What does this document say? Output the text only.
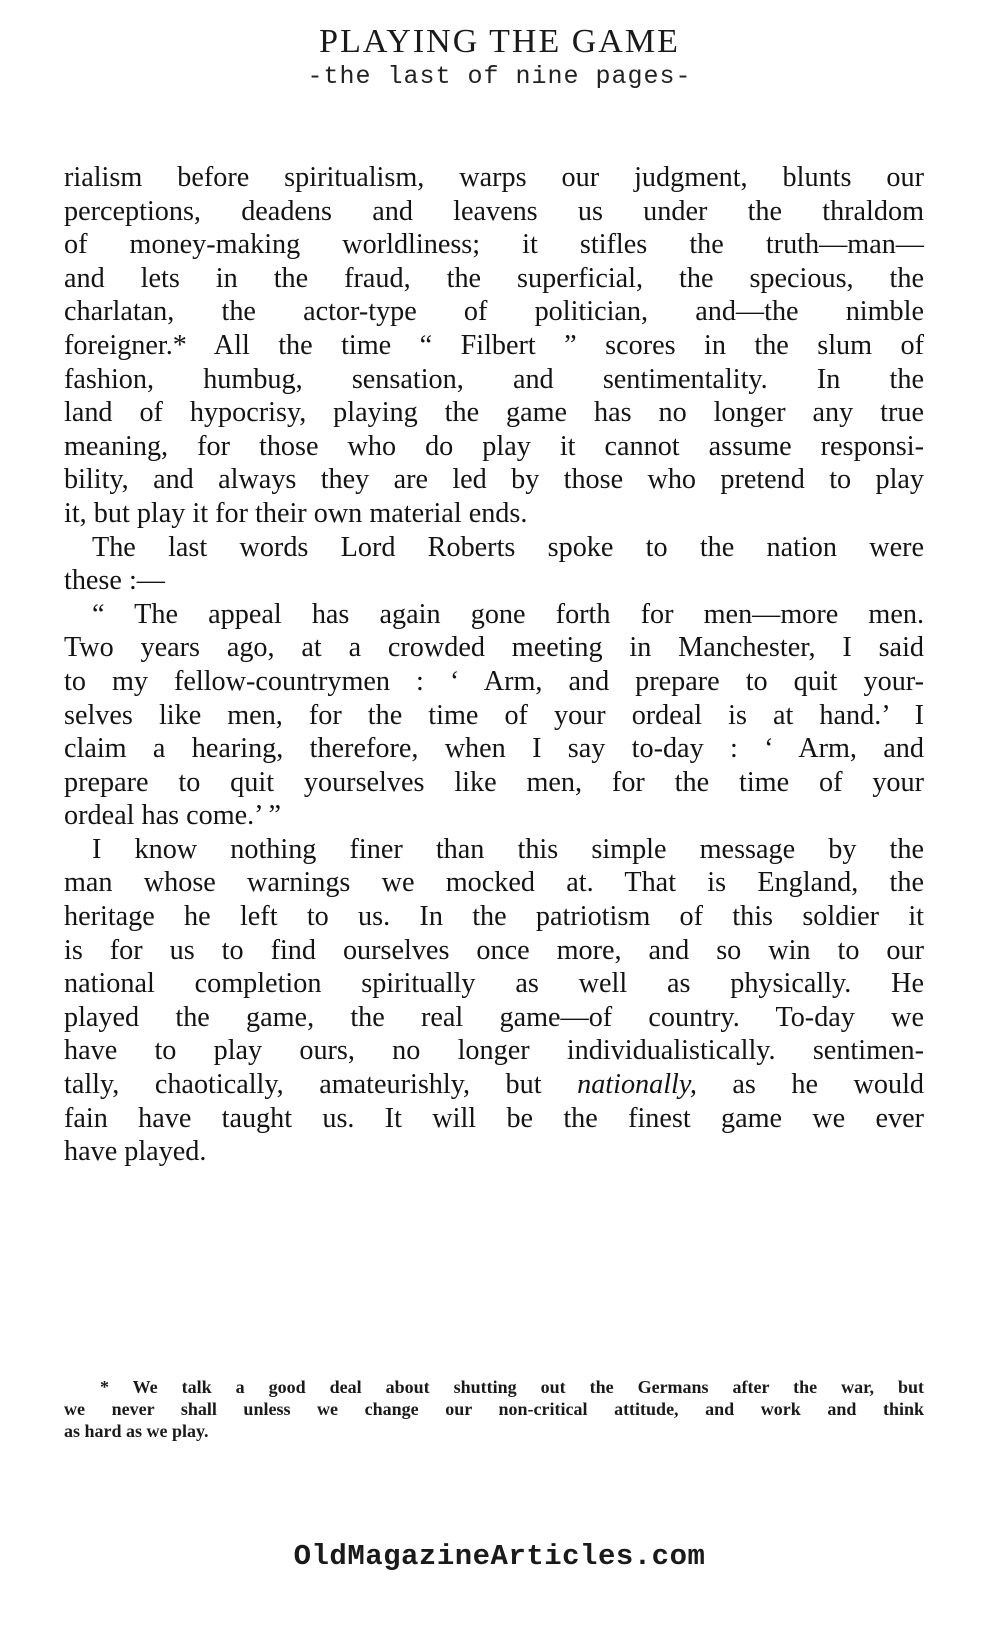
PLAYING THE GAME
-the last of nine pages-
rialism before spiritualism, warps our judgment, blunts our
perceptions, deadens and leavens us under the thraldom
of money-making worldliness; it stifles the truth—man—
and lets in the fraud, the superficial, the specious, the
charlatan, the actor-type of politician, and—the nimble
foreigner.* All the time “ Filbert ” scores in the slum of
fashion, humbug, sensation, and sentimentality. In the
land of hypocrisy, playing the game has no longer any true
meaning, for those who do play it cannot assume responsi-
bility, and always they are led by those who pretend to play
it, but play it for their own material ends.
The last words Lord Roberts spoke to the nation were
these :—
“ The appeal has again gone forth for men—more men.
Two years ago, at a crowded meeting in Manchester, I said
to my fellow-countrymen : ‘ Arm, and prepare to quit your-
selves like men, for the time of your ordeal is at hand.’ I
claim a hearing, therefore, when I say to-day : ‘ Arm, and
prepare to quit yourselves like men, for the time of your
ordeal has come.’ ”
I know nothing finer than this simple message by the
man whose warnings we mocked at. That is England, the
heritage he left to us. In the patriotism of this soldier it
is for us to find ourselves once more, and so win to our
national completion spiritually as well as physically. He
played the game, the real game—of country. To-day we
have to play ours, no longer individualistically. sentimen-
tally, chaotically, amateurishly, but nationally, as he would
fain have taught us. It will be the finest game we ever
have played.
* We talk a good deal about shutting out the Germans after the war, but
we never shall unless we change our non-critical attitude, and work and think
as hard as we play.
OldMagazineArticles.com
